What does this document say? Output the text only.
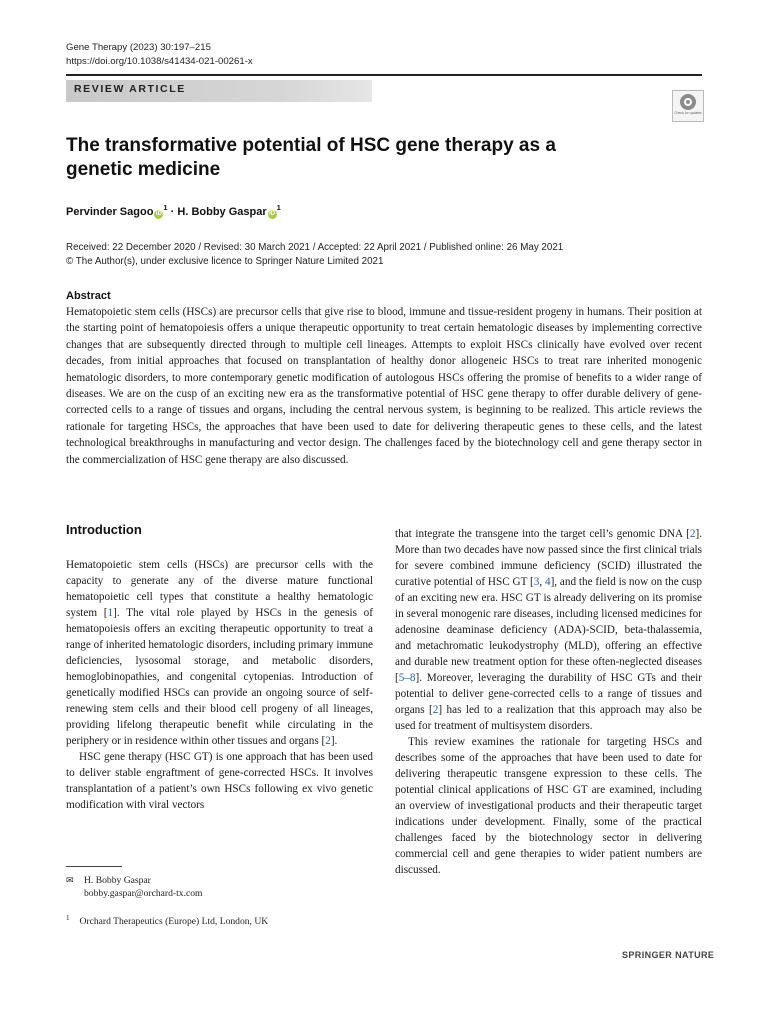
Gene Therapy (2023) 30:197–215
https://doi.org/10.1038/s41434-021-00261-x
REVIEW ARTICLE
Check for updates
The transformative potential of HSC gene therapy as a genetic medicine
Pervinder Sagoo $iD^1 \cdot H$. Bobby Gaspar $iD^1$
Received: 22 December 2020 / Revised: 30 March 2021 / Accepted: 22 April 2021 / Published online: 26 May 2021
© The Author(s), under exclusive licence to Springer Nature Limited 2021
Abstract
Hematopoietic stem cells (HSCs) are precursor cells that give rise to blood, immune and tissue-resident progeny in humans. Their position at the starting point of hematopoiesis offers a unique therapeutic opportunity to treat certain hematologic diseases by implementing corrective changes that are subsequently directed through to multiple cell lineages. Attempts to exploit HSCs clinically have evolved over recent decades, from initial approaches that focused on transplantation of healthy donor allogeneic HSCs to treat rare inherited monogenic hematologic disorders, to more contemporary genetic modification of autologous HSCs offering the promise of benefits to a wider range of diseases. We are on the cusp of an exciting new era as the transformative potential of HSC gene therapy to offer durable delivery of gene-corrected cells to a range of tissues and organs, including the central nervous system, is beginning to be realized. This article reviews the rationale for targeting HSCs, the approaches that have been used to date for delivering therapeutic genes to these cells, and the latest technological breakthroughs in manufacturing and vector design. The challenges faced by the biotechnology cell and gene therapy sector in the commercialization of HSC gene therapy are also discussed.
Introduction

Hematopoietic stem cells (HSCs) are precursor cells with the capacity to generate any of the diverse mature functional hematopoietic cell types that constitute a healthy hematologic system [1]. The vital role played by HSCs in the genesis of hematopoiesis offers an exciting therapeutic opportunity to treat a range of inherited hematologic disorders, including primary immune deficiencies, lysosomal storage, and metabolic disorders, hemoglobinopathies, and congenital cytopenias. Introduction of genetically modified HSCs can provide an ongoing source of self-renewing stem cells and their blood cell progeny of all lineages, providing lifelong therapeutic benefit while circulating in the periphery or in residence within other tissues and organs [2].

HSC gene therapy (HSC GT) is one approach that has been used to deliver stable engraftment of gene-corrected HSCs. It involves transplantation of a patient’s own HSCs following ex vivo genetic modification with viral vectors

that integrate the transgene into the target cell’s genomic DNA [2]. More than two decades have now passed since the first clinical trials for severe combined immune deficiency (SCID) illustrated the curative potential of HSC GT [3, 4], and the field is now on the cusp of an exciting new era. HSC GT is already delivering on its promise in several monogenic rare diseases, including licensed medicines for adenosine deaminase deficiency (ADA)-SCID, beta-thalassemia, and metachromatic leukodystrophy (MLD), offering an effective and durable new treatment option for these often-neglected diseases [5–8]. Moreover, leveraging the durability of HSC GTs and their potential to deliver gene-corrected cells to a range of tissues and organs [2] has led to a realization that this approach may also be used for treatment of multisystem disorders.

This review examines the rationale for targeting HSCs and describes some of the approaches that have been used to date for delivering therapeutic transgene expression to these cells. The potential clinical applications of HSC GT are examined, including an overview of investigational products and their therapeutic target indications under development. Finally, some of the practical challenges faced by the biotechnology sector in delivering commercial cell and gene therapies to wider patient numbers are discussed.

✉ H. Bobby Gaspar
bobby.gaspar@orchard-tx.com
$^1$ Orchard Therapeutics (Europe) Ltd, London, UK
SPRINGER NATURE
